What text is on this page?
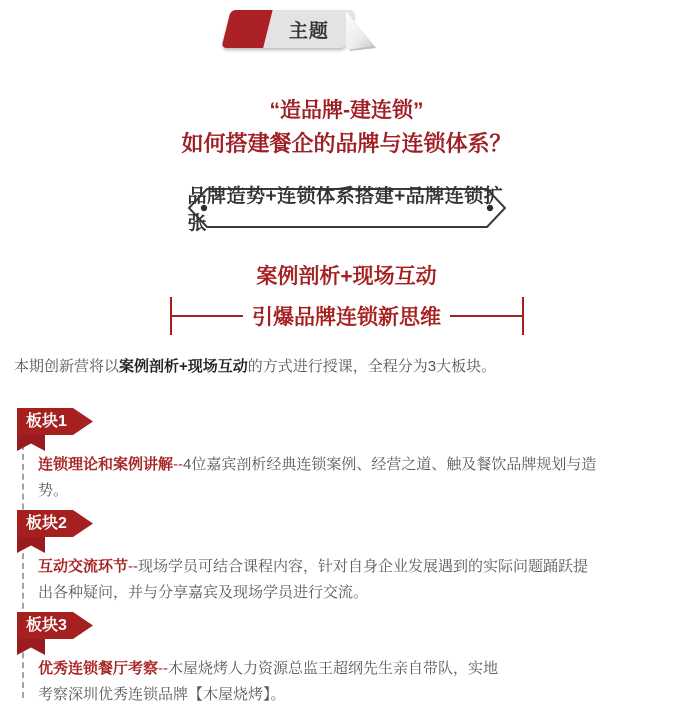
主题
“造品牌-建连锁”
如何搭建餐企的品牌与连锁体系？
品牌造势+连锁体系搭建+品牌连锁扩张
案例剖析+现场互动
引爆品牌连锁新思维

本期创新营将以案例剖析+现场互动的方式进行授课，全程分为3大板块。

板块1

连锁理论和案例讲解--4位嘉宾剖析经典连锁案例、经营之道、触及餐饮品牌规划与造势。

板块2

互动交流环节--现场学员可结合课程内容，针对自身企业发展遇到的实际问题踊跃提出各种疑问，并与分享嘉宾及现场学员进行交流。

板块3

优秀连锁餐厅考察--木屋烧烤人力资源总监王超纲先生亲自带队，实地考察深圳优秀连锁品牌【木屋烧烤】。
